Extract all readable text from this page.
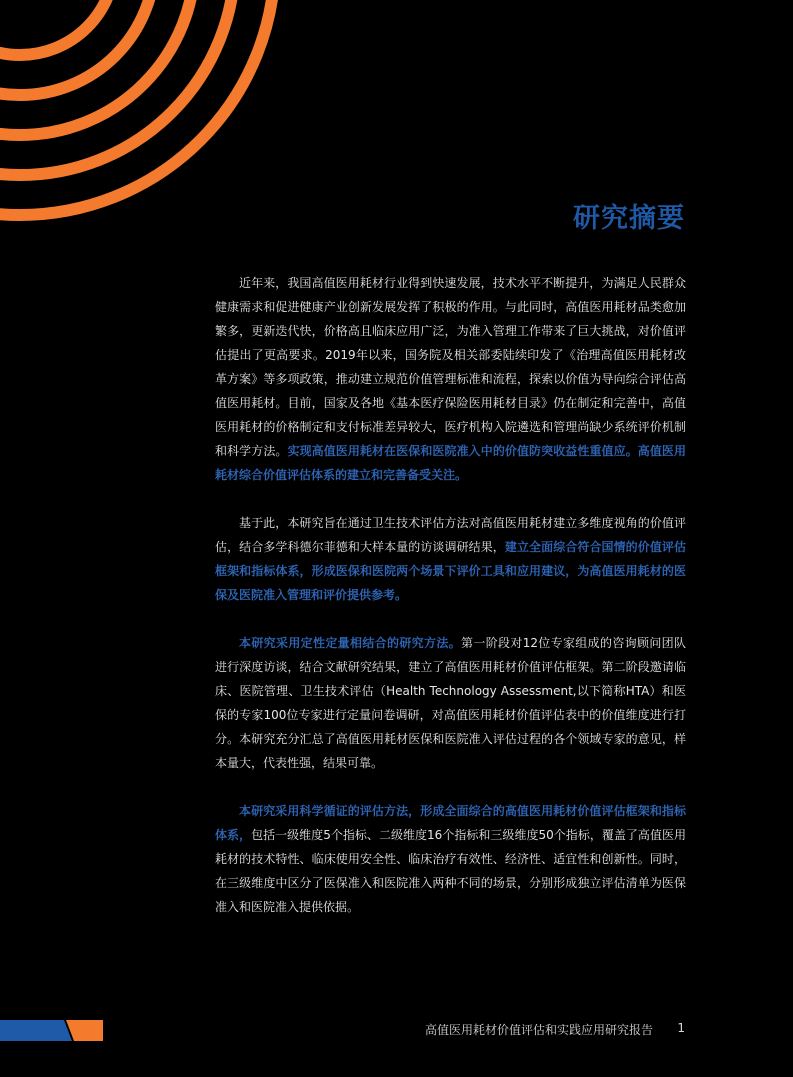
研究摘要

近年来，我国高值医用耗材行业得到快速发展，技术水平不断提升，为满足人民群众健康需求和促进健康产业创新发展发挥了积极的作用。与此同时，高值医用耗材品类愈加繁多，更新迭代快，价格高且临床应用广泛，为准入管理工作带来了巨大挑战，对价值评估提出了更高要求。2019年以来，国务院及相关部委陆续印发了《治理高值医用耗材改革方案》等多项政策，推动建立规范价值管理标准和流程，探索以价值为导向综合评估高值医用耗材。目前，国家及各地《基本医疗保险医用耗材目录》仍在制定和完善中，高值医用耗材的价格制定和支付标准差异较大，医疗机构入院遴选和管理尚缺少系统评价机制和科学方法。实现高值医用耗材在医保和医院准入中的价值防突收益性重值应。高值医用耗材综合价值评估体系的建立和完善备受关注。

基于此，本研究旨在通过卫生技术评估方法对高值医用耗材建立多维度视角的价值评估，结合多学科德尔菲德和大样本量的访谈调研结果，建立全面综合符合国情的价值评估框架和指标体系，形成医保和医院两个场景下评价工具和应用建议，为高值医用耗材的医保及医院准入管理和评价提供参考。

本研究采用定性定量相结合的研究方法。第一阶段对12位专家组成的咨询顾问团队进行深度访谈，结合文献研究结果，建立了高值医用耗材价值评估框架。第二阶段邀请临床、医院管理、卫生技术评估（Health Technology Assessment,以下简称HTA）和医保的专家100位专家进行定量问卷调研，对高值医用耗材价值评估表中的价值维度进行打分。本研究充分汇总了高值医用耗材医保和医院准入评估过程的各个领域专家的意见，样本量大，代表性强，结果可靠。

本研究采用科学循证的评估方法，形成全面综合的高值医用耗材价值评估框架和指标体系，包括一级维度5个指标、二级维度16个指标和三级维度50个指标，覆盖了高值医用耗材的技术特性、临床使用安全性、临床治疗有效性、经济性、适宜性和创新性。同时，在三级维度中区分了医保准入和医院准入两种不同的场景，分别形成独立评估清单为医保准入和医院准入提供依据。

高值医用耗材价值评估和实践应用研究报告 1
